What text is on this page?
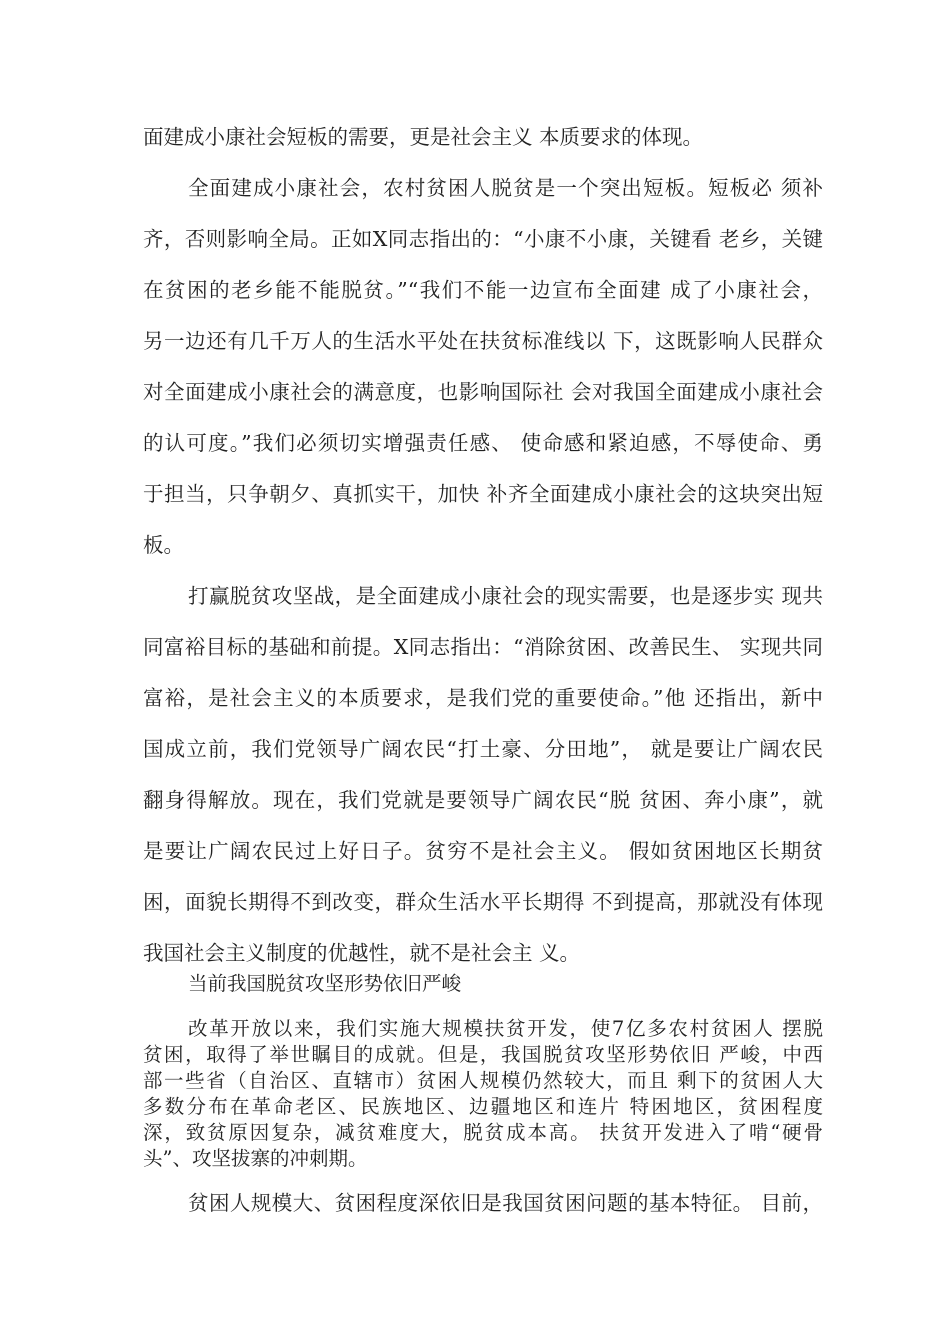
面建成小康社会短板的需要，更是社会主义 本质要求的体现。
全面建成小康社会，农村贫困人脱贫是一个突出短板。短板必 须补
齐，否则影响全局。正如X同志指出的：“小康不小康，关键看 老乡，关键
在贫困的老乡能不能脱贫。”“我们不能一边宣布全面建 成了小康社会，
另一边还有几千万人的生活水平处在扶贫标准线以 下，这既影响人民群众
对全面建成小康社会的满意度，也影响国际社 会对我国全面建成小康社会
的认可度。”我们必须切实增强责任感、 使命感和紧迫感，不辱使命、勇
于担当，只争朝夕、真抓实干，加快 补齐全面建成小康社会的这块突出短
板。
打赢脱贫攻坚战，是全面建成小康社会的现实需要，也是逐步实 现共
同富裕目标的基础和前提。X同志指出：“消除贫困、改善民生、 实现共同
富裕，是社会主义的本质要求，是我们党的重要使命。”他 还指出，新中
国成立前，我们党领导广阔农民“打土豪、分田地”， 就是要让广阔农民
翻身得解放。现在，我们党就是要领导广阔农民“脱 贫困、奔小康”，就
是要让广阔农民过上好日子。贫穷不是社会主义。 假如贫困地区长期贫
困，面貌长期得不到改变，群众生活水平长期得 不到提高，那就没有体现
我国社会主义制度的优越性，就不是社会主 义。
当前我国脱贫攻坚形势依旧严峻
改革开放以来，我们实施大规模扶贫开发，使7亿多农村贫困人 摆脱
贫困，取得了举世瞩目的成就。但是，我国脱贫攻坚形势依旧 严峻，中西
部一些省（自治区、直辖市）贫困人规模仍然较大，而且 剩下的贫困人大
多数分布在革命老区、民族地区、边疆地区和连片 特困地区，贫困程度
深，致贫原因复杂，减贫难度大，脱贫成本高。 扶贫开发进入了啃“硬骨
头”、攻坚拔寨的冲刺期。
贫困人规模大、贫困程度深依旧是我国贫困问题的基本特征。 目前，
